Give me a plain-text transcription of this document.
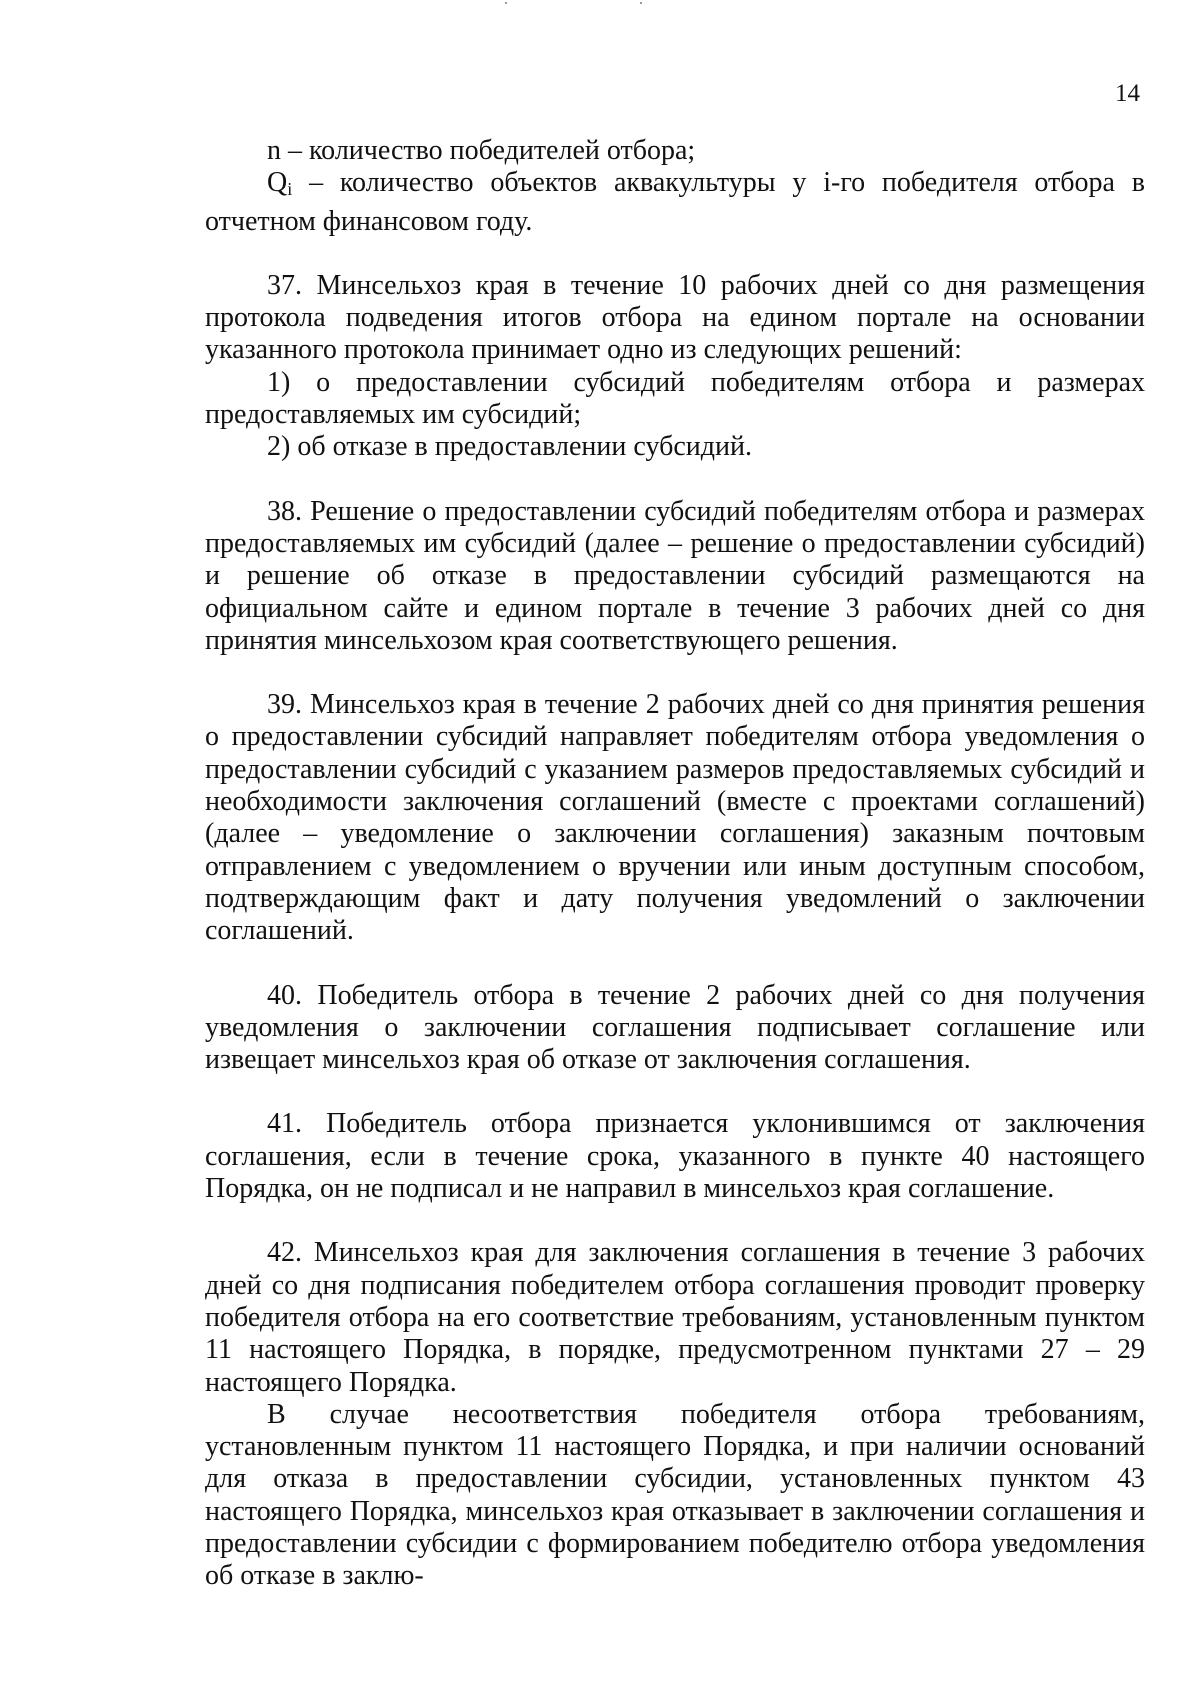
14

n – количество победителей отбора;

$Q_i$ – количество объектов аквакультуры у i-го победителя отбора в отчетном финансовом году.

37. Минсельхоз края в течение 10 рабочих дней со дня размещения протокола подведения итогов отбора на едином портале на основании указанного протокола принимает одно из следующих решений:

1) о предоставлении субсидий победителям отбора и размерах предоставляемых им субсидий;

2) об отказе в предоставлении субсидий.

38. Решение о предоставлении субсидий победителям отбора и размерах предоставляемых им субсидий (далее – решение о предоставлении субсидий) и решение об отказе в предоставлении субсидий размещаются на официальном сайте и едином портале в течение 3 рабочих дней со дня принятия минсельхозом края соответствующего решения.

39. Минсельхоз края в течение 2 рабочих дней со дня принятия решения о предоставлении субсидий направляет победителям отбора уведомления о предоставлении субсидий с указанием размеров предоставляемых субсидий и необходимости заключения соглашений (вместе с проектами соглашений) (далее – уведомление о заключении соглашения) заказным почтовым отправлением с уведомлением о вручении или иным доступным способом, подтверждающим факт и дату получения уведомлений о заключении соглашений.

40. Победитель отбора в течение 2 рабочих дней со дня получения уведомления о заключении соглашения подписывает соглашение или извещает минсельхоз края об отказе от заключения соглашения.

41. Победитель отбора признается уклонившимся от заключения соглашения, если в течение срока, указанного в пункте 40 настоящего Порядка, он не подписал и не направил в минсельхоз края соглашение.

42. Минсельхоз края для заключения соглашения в течение 3 рабочих дней со дня подписания победителем отбора соглашения проводит проверку победителя отбора на его соответствие требованиям, установленным пунктом 11 настоящего Порядка, в порядке, предусмотренном пунктами 27 – 29 настоящего Порядка.

В случае несоответствия победителя отбора требованиям, установленным пунктом 11 настоящего Порядка, и при наличии оснований для отказа в предоставлении субсидии, установленных пунктом 43 настоящего Порядка, минсельхоз края отказывает в заключении соглашения и предоставлении субсидии с формированием победителю отбора уведомления об отказе в заклю-
